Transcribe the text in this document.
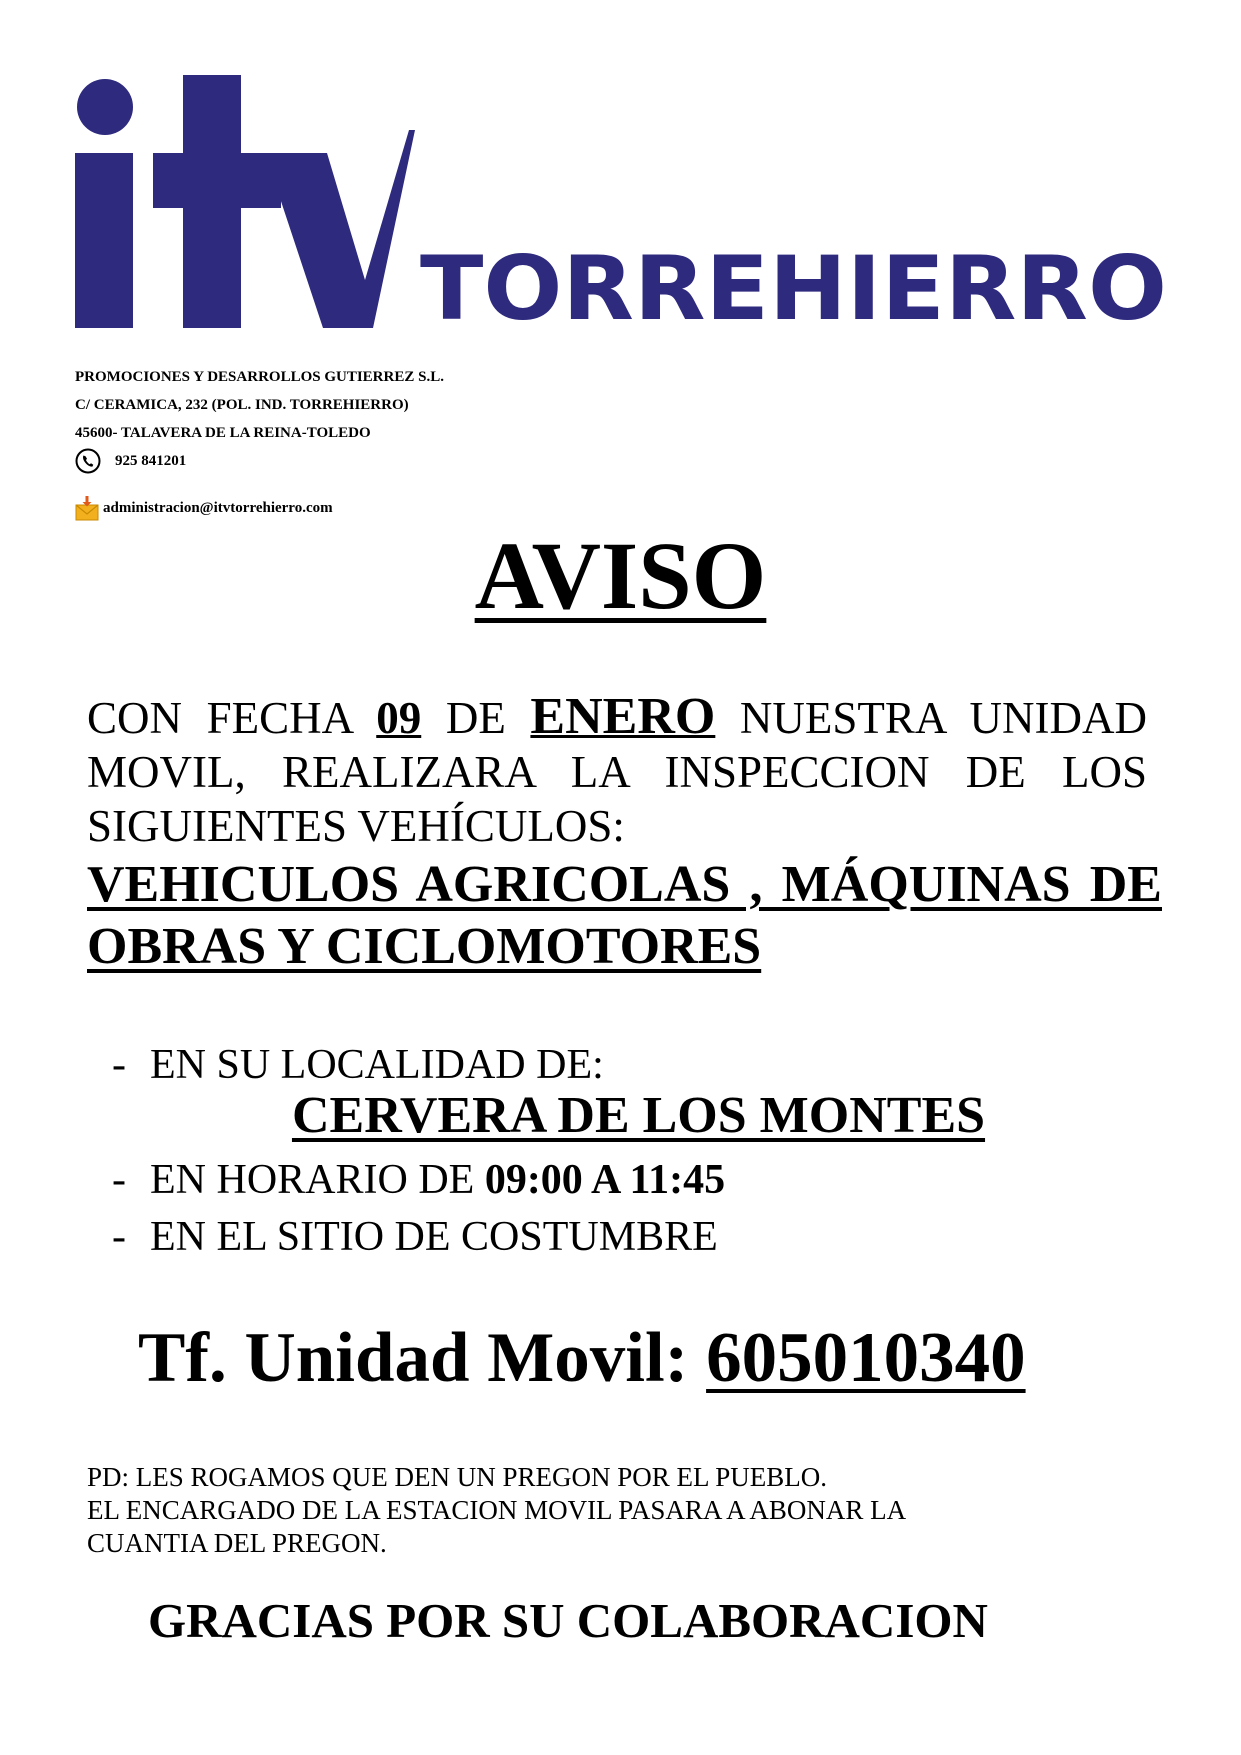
TORREHIERRO
PROMOCIONES Y DESARROLLOS GUTIERREZ S.L.
C/ CERAMICA, 232 (POL. IND. TORREHIERRO)
45600- TALAVERA DE LA REINA-TOLEDO
925 841201
administracion@itvtorrehierro.com
AVISO
CON FECHA 09 DE ENERO NUESTRA UNIDAD MOVIL, REALIZARA LA INSPECCION DE LOS SIGUIENTES VEHÍCULOS:
VEHICULOS AGRICOLAS , MÁQUINAS DE OBRAS Y CICLOMOTORES
- EN SU LOCALIDAD DE:
CERVERA DE LOS MONTES
- EN HORARIO DE 09:00 A 11:45
- EN EL SITIO DE COSTUMBRE
Tf. Unidad Movil: 605010340
PD: LES ROGAMOS QUE DEN UN PREGON POR EL PUEBLO.
EL ENCARGADO DE LA ESTACION MOVIL PASARA A ABONAR LA
CUANTIA DEL PREGON.
GRACIAS POR SU COLABORACION
